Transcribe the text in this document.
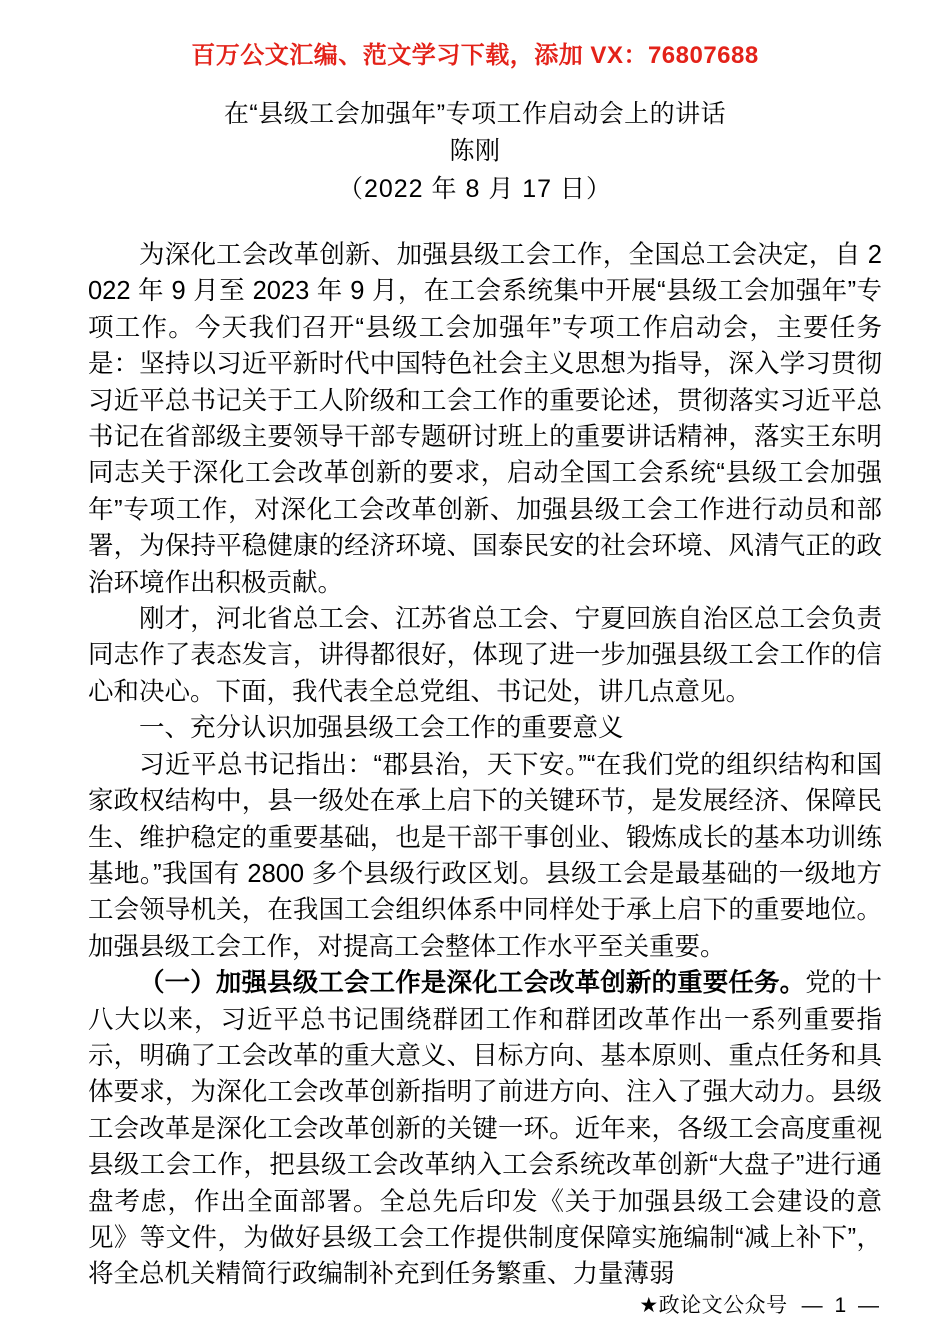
百万公文汇编、范文学习下载，添加 VX：76807688
在“县级工会加强年”专项工作启动会上的讲话
陈刚
（2022 年 8 月 17 日）

为深化工会改革创新、加强县级工会工作，全国总工会决定，自 2022 年 9 月至 2023 年 9 月，在工会系统集中开展“县级工会加强年”专项工作。今天我们召开“县级工会加强年”专项工作启动会，主要任务是：坚持以习近平新时代中国特色社会主义思想为指导，深入学习贯彻习近平总书记关于工人阶级和工会工作的重要论述，贯彻落实习近平总书记在省部级主要领导干部专题研讨班上的重要讲话精神，落实王东明同志关于深化工会改革创新的要求，启动全国工会系统“县级工会加强年”专项工作，对深化工会改革创新、加强县级工会工作进行动员和部署，为保持平稳健康的经济环境、国泰民安的社会环境、风清气正的政治环境作出积极贡献。

刚才，河北省总工会、江苏省总工会、宁夏回族自治区总工会负责同志作了表态发言，讲得都很好，体现了进一步加强县级工会工作的信心和决心。下面，我代表全总党组、书记处，讲几点意见。

一、充分认识加强县级工会工作的重要意义

习近平总书记指出：“郡县治，天下安。”“在我们党的组织结构和国家政权结构中，县一级处在承上启下的关键环节，是发展经济、保障民生、维护稳定的重要基础，也是干部干事创业、锻炼成长的基本功训练基地。”我国有 2800 多个县级行政区划。县级工会是最基础的一级地方工会领导机关，在我国工会组织体系中同样处于承上启下的重要地位。加强县级工会工作，对提高工会整体工作水平至关重要。

（一）加强县级工会工作是深化工会改革创新的重要任务。党的十八大以来，习近平总书记围绕群团工作和群团改革作出一系列重要指示，明确了工会改革的重大意义、目标方向、基本原则、重点任务和具体要求，为深化工会改革创新指明了前进方向、注入了强大动力。县级工会改革是深化工会改革创新的关键一环。近年来，各级工会高度重视县级工会工作，把县级工会改革纳入工会系统改革创新“大盘子”进行通盘考虑，作出全面部署。全总先后印发《关于加强县级工会建设的意见》等文件，为做好县级工会工作提供制度保障实施编制“减上补下”，将全总机关精简行政编制补充到任务繁重、力量薄弱

★政论文公众号 — 1 —
